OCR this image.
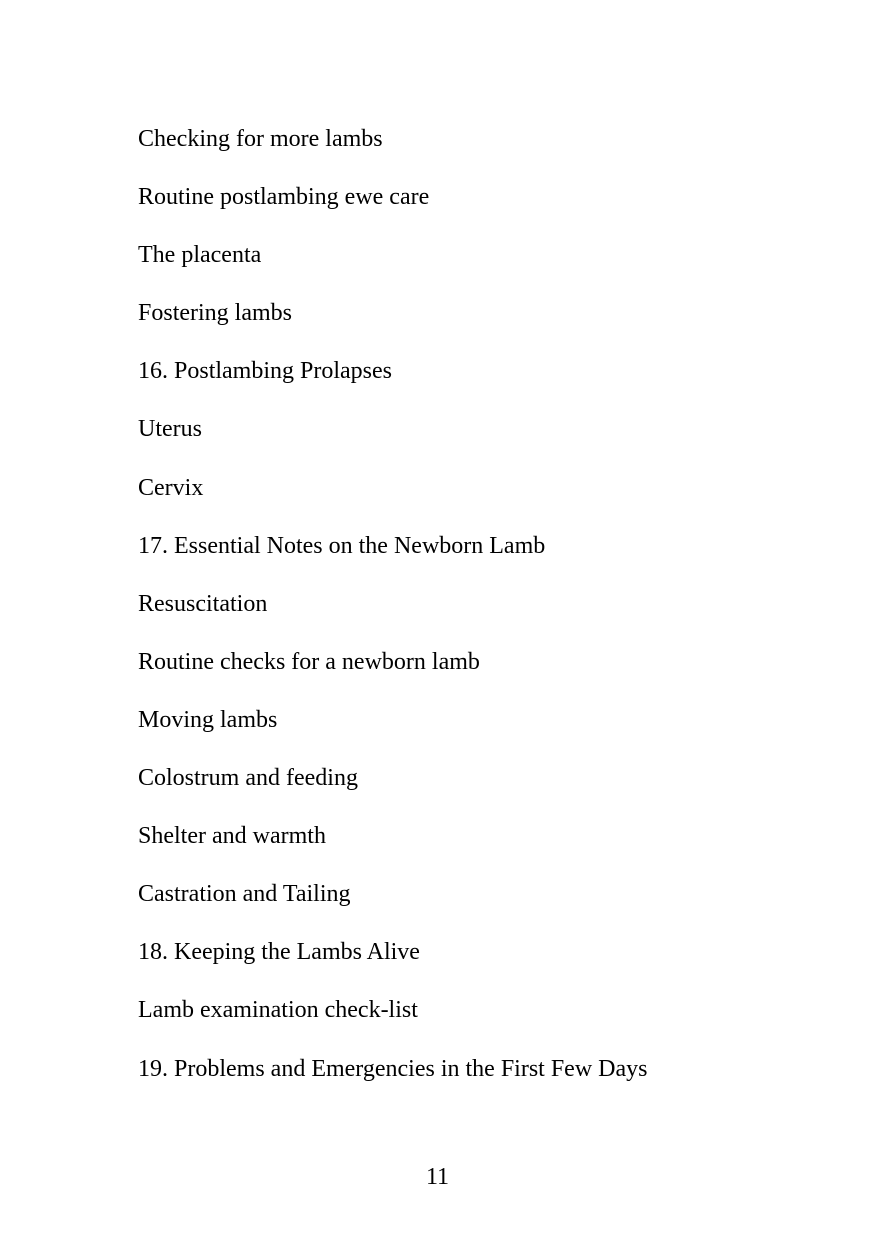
Checking for more lambs
Routine postlambing ewe care
The placenta
Fostering lambs
16. Postlambing Prolapses
Uterus
Cervix
17. Essential Notes on the Newborn Lamb
Resuscitation
Routine checks for a newborn lamb
Moving lambs
Colostrum and feeding
Shelter and warmth
Castration and Tailing
18. Keeping the Lambs Alive
Lamb examination check-list
19. Problems and Emergencies in the First Few Days
11
